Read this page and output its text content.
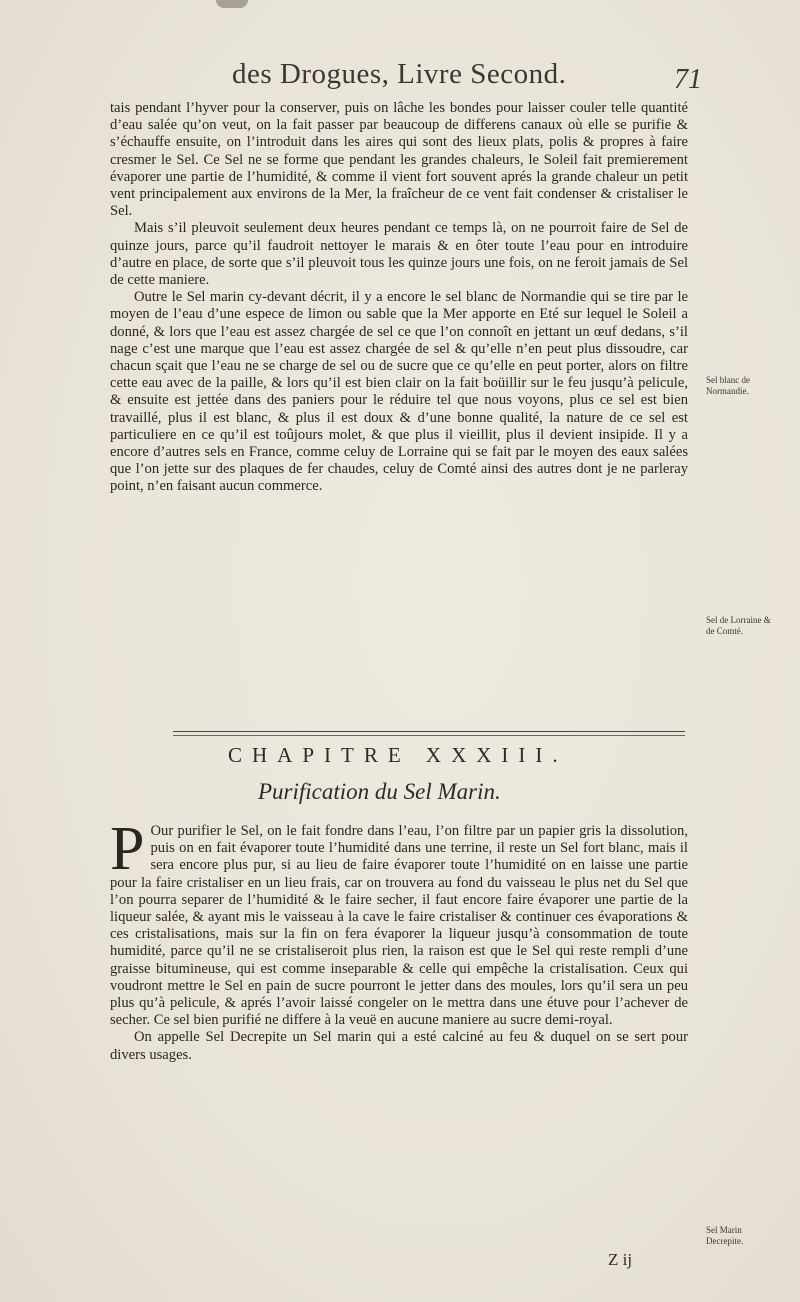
des Drogues, Livre Second.	71

tais pendant l’hyver pour la conserver, puis on lâche les bondes pour laisser couler telle quantité d’eau salée qu’on veut, on la fait passer par beaucoup de differens canaux où elle se purifie & s’échauffe ensuite, on l’introduit dans les aires qui sont des lieux plats, polis & propres à faire cresmer le Sel. Ce Sel ne se forme que pendant les grandes chaleurs, le Soleil fait premierement évaporer une partie de l’humidité, & comme il vient fort souvent aprés la grande chaleur un petit vent principalement aux environs de la Mer, la fraîcheur de ce vent fait condenser & cristaliser le Sel.

Mais s’il pleuvoit seulement deux heures pendant ce temps là, on ne pourroit faire de Sel de quinze jours, parce qu’il faudroit nettoyer le marais & en ôter toute l’eau pour en introduire d’autre en place, de sorte que s’il pleuvoit tous les quinze jours une fois, on ne feroit jamais de Sel de cette maniere.

Outre le Sel marin cy-devant décrit, il y a encore le sel blanc de Normandie qui se tire par le moyen de l’eau d’une espece de limon ou sable que la Mer apporte en Eté sur lequel le Soleil a donné, & lors que l’eau est assez chargée de sel ce que l’on connoît en jettant un œuf dedans, s’il nage c’est une marque que l’eau est assez chargée de sel & qu’elle n’en peut plus dissoudre, car chacun sçait que l’eau ne se charge de sel ou de sucre que ce qu’elle en peut porter, alors on filtre cette eau avec de la paille, & lors qu’il est bien clair on la fait boüillir sur le feu jusqu’à pelicule, & ensuite est jettée dans des paniers pour le réduire tel que nous voyons, plus ce sel est bien travaillé, plus il est blanc, & plus il est doux & d’une bonne qualité, la nature de ce sel est particuliere en ce qu’il est toûjours molet, & que plus il vieillit, plus il devient insipide. Il y a encore d’autres sels en France, comme celuy de Lorraine qui se fait par le moyen des eaux salées que l’on jette sur des plaques de fer chaudes, celuy de Comté ainsi des autres dont je ne parleray point, n’en faisant aucun commerce.

Sel blanc de Normandie.
Sel de Lorraine & de Comté.
CHAPITRE XXXIII.
Purification du Sel Marin.

P Our purifier le Sel, on le fait fondre dans l’eau, l’on filtre par un papier gris la dissolution, puis on en fait évaporer toute l’humidité dans une terrine, il reste un Sel fort blanc, mais il sera encore plus pur, si au lieu de faire évaporer toute l’humidité on en laisse une partie pour la faire cristaliser en un lieu frais, car on trouvera au fond du vaisseau le plus net du Sel que l’on pourra separer de l’humidité & le faire secher, il faut encore faire évaporer une partie de la liqueur salée, & ayant mis le vaisseau à la cave le faire cristaliser & continuer ces évaporations & ces cristalisations, mais sur la fin on fera évaporer la liqueur jusqu’à consommation de toute humidité, parce qu’il ne se cristaliseroit plus rien, la raison est que le Sel qui reste rempli d’une graisse bitumineuse, qui est comme inseparable & celle qui empêche la cristalisation. Ceux qui voudront mettre le Sel en pain de sucre pourront le jetter dans des moules, lors qu’il sera un peu plus qu’à pelicule, & aprés l’avoir laissé congeler on le mettra dans une étuve pour l’achever de secher. Ce sel bien purifié ne differe à la veuë en aucune maniere au sucre demi-royal.

On appelle Sel Decrepite un Sel marin qui a esté calciné au feu & duquel on se sert pour divers usages.

Sel Marin Decrepite.
Z ij
